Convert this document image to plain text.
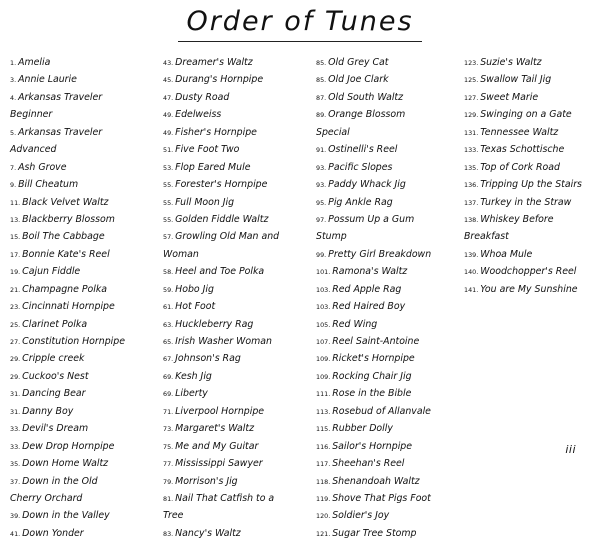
Order of Tunes
1. Amelia
3. Annie Laurie
4. Arkansas Traveler
Beginner
5. Arkansas Traveler
Advanced
7. Ash Grove
9. Bill Cheatum
11. Black Velvet Waltz
13. Blackberry Blossom
15. Boil The Cabbage
17. Bonnie Kate's Reel
19. Cajun Fiddle
21. Champagne Polka
23. Cincinnati Hornpipe
25. Clarinet Polka
27. Constitution Hornpipe
29. Cripple creek
29. Cuckoo's Nest
31. Dancing Bear
31. Danny Boy
33. Devil's Dream
33. Dew Drop Hornpipe
35. Down Home Waltz
37. Down in the Old
Cherry Orchard
39. Down in the Valley
41. Down Yonder
43. Dreamer's Waltz
45. Durang's Hornpipe
47. Dusty Road
49. Edelweiss
49. Fisher's Hornpipe
51. Five Foot Two
53. Flop Eared Mule
55. Forester's Hornpipe
55. Full Moon Jig
55. Golden Fiddle Waltz
57. Growling Old Man and
Woman
58. Heel and Toe Polka
59. Hobo Jig
61. Hot Foot
63. Huckleberry Rag
65. Irish Washer Woman
67. Johnson's Rag
69. Kesh Jig
69. Liberty
71. Liverpool Hornpipe
73. Margaret's Waltz
75. Me and My Guitar
77. Mississippi Sawyer
79. Morrison's Jig
81. Nail That Catfish to a
Tree
83. Nancy's Waltz
85. Old Grey Cat
85. Old Joe Clark
87. Old South Waltz
89. Orange Blossom
Special
91. Ostinelli's Reel
93. Pacific Slopes
93. Paddy Whack Jig
95. Pig Ankle Rag
97. Possum Up a Gum
Stump
99. Pretty Girl Breakdown
101. Ramona's Waltz
103. Red Apple Rag
103. Red Haired Boy
105. Red Wing
107. Reel Saint-Antoine
109. Ricket's Hornpipe
109. Rocking Chair Jig
111. Rose in the Bible
113. Rosebud of Allanvale
115. Rubber Dolly
116. Sailor's Hornpipe
117. Sheehan's Reel
118. Shenandoah Waltz
119. Shove That Pigs Foot
120. Soldier's Joy
121. Sugar Tree Stomp
123. Suzie's Waltz
125. Swallow Tail Jig
127. Sweet Marie
129. Swinging on a Gate
131. Tennessee Waltz
133. Texas Schottische
135. Top of Cork Road
136. Tripping Up the Stairs
137. Turkey in the Straw
138. Whiskey Before
Breakfast
139. Whoa Mule
140. Woodchopper's Reel
141. You are My Sunshine
iii
